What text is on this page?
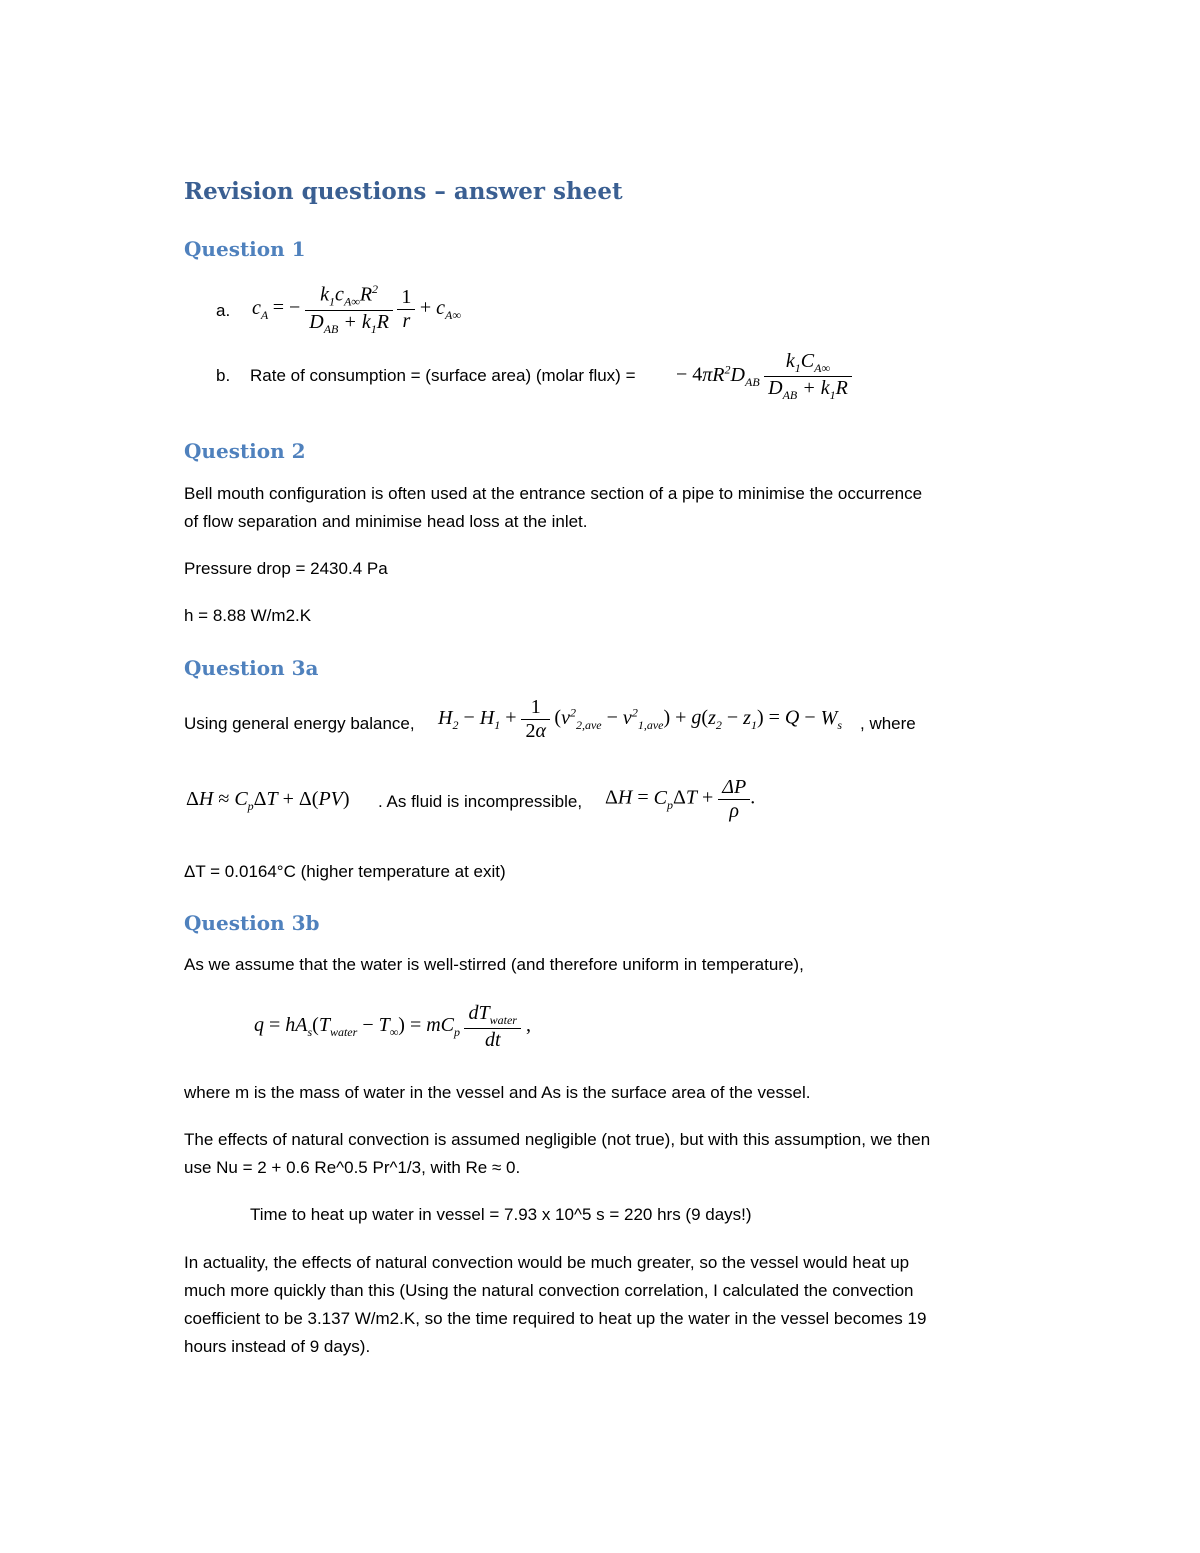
Revision questions – answer sheet
Question 1
a. $c_A$ = − $\frac{k_1c_{A\infty}R^2}{D_{AB} + k_1R}$
$\frac{1}{r} + c_{A\infty}$
b. Rate of consumption = (surface area) (molar flux) = − $4\pi R^2D_{AB} \frac{k_1C_{A\infty}}{D_{AB} + k_1R}$
Question 2
Bell mouth configuration is often used at the entrance section of a pipe to minimise the occurrence
of flow separation and minimise head loss at the inlet.
Pressure drop = 2430.4 Pa
h = 8.88 W/m2.K
Question 3a
Using general energy balance, $H_2 - H_1 + \frac{1}{2\alpha} (v^2_{2,ave} - v^2_{1,ave}) + g(z_2 - z_1) = Q - W_s$ , where
$\Delta H \approx C_p\Delta T + \Delta(PV)$ . As fluid is incompressible, $\Delta H = C_p\Delta T + \frac{\Delta P}{\rho}$ .
ΔT = 0.0164°C (higher temperature at exit)
Question 3b
As we assume that the water is well-stirred (and therefore uniform in temperature),
$q = hA_s(T_{water} - T_\infty) = mC_p \frac{dT_{water}}{dt}$ ,
where m is the mass of water in the vessel and As is the surface area of the vessel.
The effects of natural convection is assumed negligible (not true), but with this assumption, we then
use Nu = 2 + 0.6 Re^0.5 Pr^1/3, with Re ≈ 0.
Time to heat up water in vessel = 7.93 x 10^5 s = 220 hrs (9 days!)
In actuality, the effects of natural convection would be much greater, so the vessel would heat up
much more quickly than this (Using the natural convection correlation, I calculated the convection
coefficient to be 3.137 W/m2.K, so the time required to heat up the water in the vessel becomes 19
hours instead of 9 days).
